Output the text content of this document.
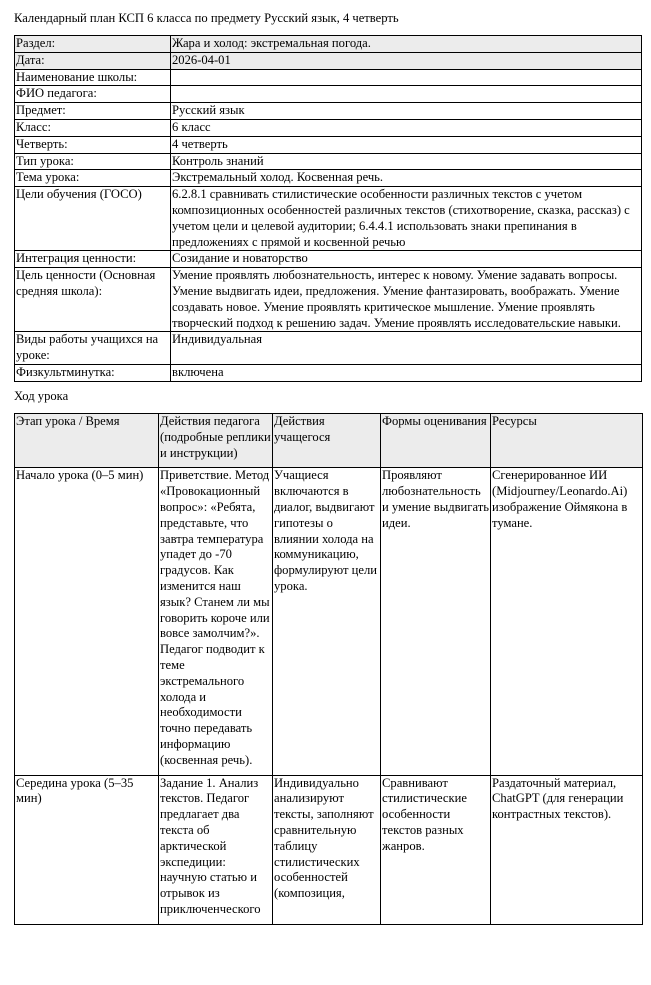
Календарный план КСП 6 класса по предмету Русский язык, 4 четверть
Раздел:	Жара и холод: экстремальная погода.
Дата:	2026-04-01
Наименование школы:	
ФИО педагога:	
Предмет:	Русский язык
Класс:	6 класс
Четверть:	4 четверть
Тип урока:	Контроль знаний
Тема урока:	Экстремальный холод. Косвенная речь.
Цели обучения (ГОСО)	6.2.8.1 сравнивать стилистические особенности различных текстов с учетом композиционных особенностей различных текстов (стихотворение, сказка, рассказ) с учетом цели и целевой аудитории; 6.4.4.1 использовать знаки препинания в предложениях с прямой и косвенной речью
Интеграция ценности:	Созидание и новаторство
Цель ценности (Основная средняя школа):	Умение проявлять любознательность, интерес к новому. Умение задавать вопросы. Умение выдвигать идеи, предложения. Умение фантазировать, воображать. Умение создавать новое. Умение проявлять критическое мышление. Умение проявлять творческий подход к решению задач. Умение проявлять исследовательские навыки.
Виды работы учащихся на уроке:	Индивидуальная
Физкультминутка:	включена
Ход урока
Этап урока / Время	Действия педагога (подробные реплики и инструкции)	Действия учащегося	Формы оценивания	Ресурсы
Начало урока (0–5 мин)	Приветствие. Метод «Провокационный вопрос»: «Ребята, представьте, что завтра температура упадет до -70 градусов. Как изменится наш язык? Станем ли мы говорить короче или вовсе замолчим?». Педагог подводит к теме экстремального холода и необходимости точно передавать информацию (косвенная речь).	Учащиеся включаются в диалог, выдвигают гипотезы о влиянии холода на коммуникацию, формулируют цели урока.	Проявляют любознательность и умение выдвигать идеи.	Сгенерированное ИИ (Midjourney/Leonardo.Ai) изображение Оймякона в тумане.
Середина урока (5–35 мин)	Задание 1. Анализ текстов. Педагог предлагает два текста об арктической экспедиции: научную статью и отрывок из приключенческого	Индивидуально анализируют тексты, заполняют сравнительную таблицу стилистических особенностей (композиция,	Сравнивают стилистические особенности текстов разных жанров.	Раздаточный материал, ChatGPT (для генерации контрастных текстов).
